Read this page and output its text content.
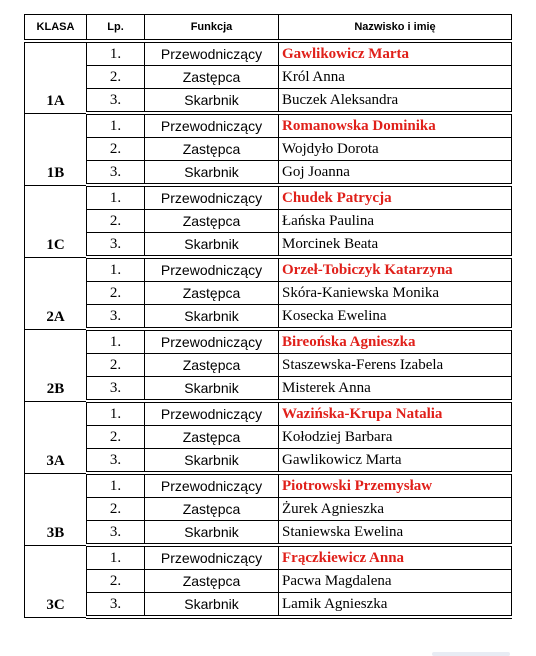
KLASA	Lp.	Funkcja	Nazwisko i imię
1A	1.	Przewodniczący	Gawlikowicz Marta
	2.	Zastępca	Król Anna
	3.	Skarbnik	Buczek Aleksandra
1B	1.	Przewodniczący	Romanowska Dominika
	2.	Zastępca	Wojdyło Dorota
	3.	Skarbnik	Goj Joanna
1C	1.	Przewodniczący	Chudek Patrycja
	2.	Zastępca	Łańska Paulina
	3.	Skarbnik	Morcinek Beata
2A	1.	Przewodniczący	Orzeł-Tobiczyk Katarzyna
	2.	Zastępca	Skóra-Kaniewska Monika
	3.	Skarbnik	Kosecka Ewelina
2B	1.	Przewodniczący	Bireońska Agnieszka
	2.	Zastępca	Staszewska-Ferens Izabela
	3.	Skarbnik	Misterek Anna
3A	1.	Przewodniczący	Wazińska-Krupa Natalia
	2.	Zastępca	Kołodziej Barbara
	3.	Skarbnik	Gawlikowicz Marta
3B	1.	Przewodniczący	Piotrowski Przemysław
	2.	Zastępca	Żurek Agnieszka
	3.	Skarbnik	Staniewska Ewelina
3C	1.	Przewodniczący	Frączkiewicz Anna
	2.	Zastępca	Pacwa Magdalena
	3.	Skarbnik	Lamik Agnieszka
